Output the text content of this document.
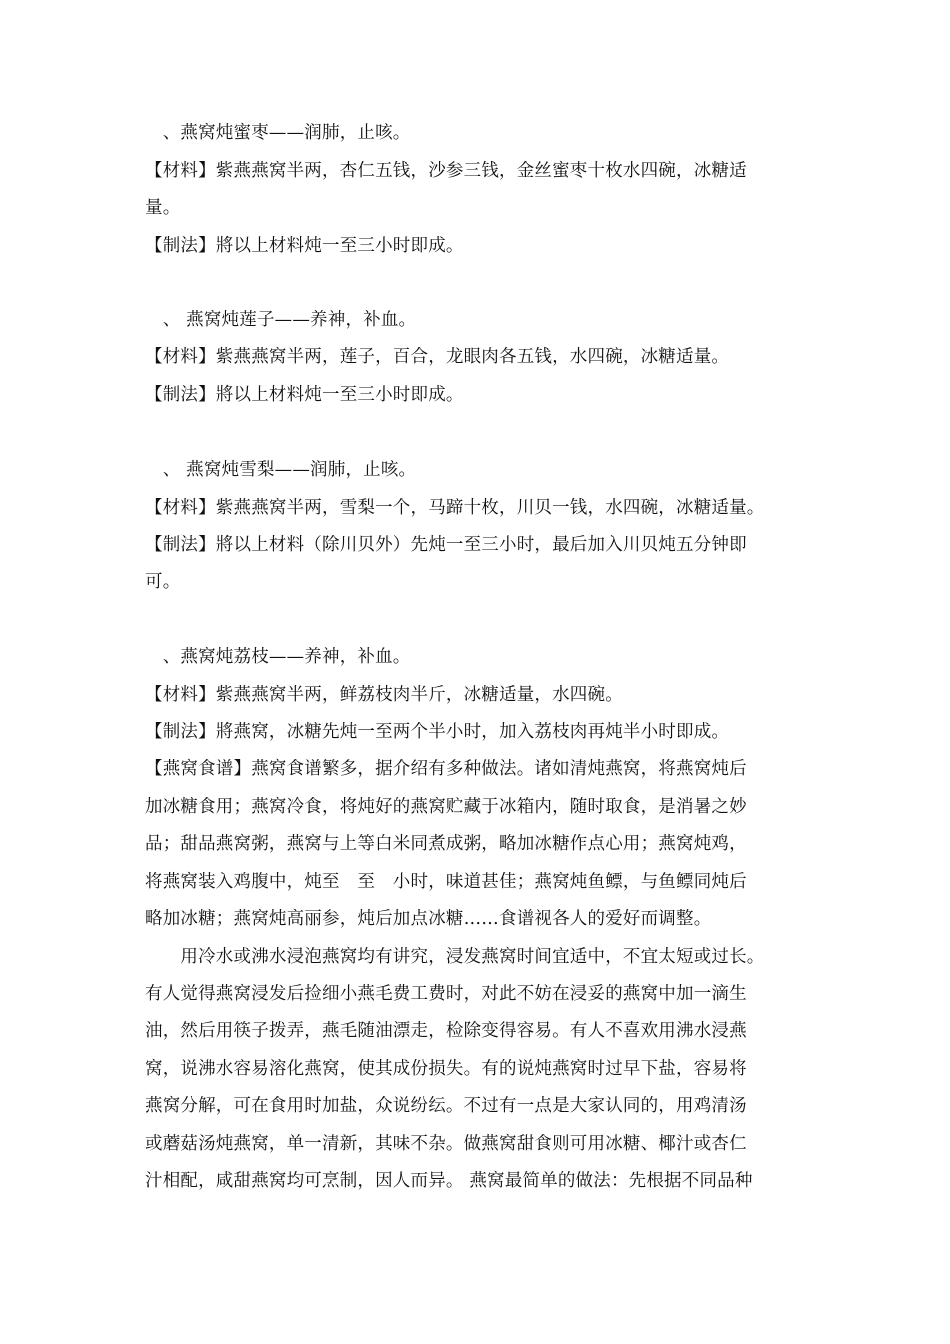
　、燕窝炖蜜枣——润肺，止咳。
【材料】紫燕燕窝半两，杏仁五钱，沙参三钱，金丝蜜枣十枚水四碗，冰糖适
量。
【制法】將以上材料炖一至三小时即成。
　、 燕窝炖莲子——养神，补血。
【材料】紫燕燕窝半两，莲子，百合，龙眼肉各五钱，水四碗，冰糖适量。
【制法】將以上材料炖一至三小时即成。
　、 燕窝炖雪梨——润肺，止咳。
【材料】紫燕燕窝半两，雪梨一个，马蹄十枚，川贝一钱，水四碗，冰糖适量。
【制法】將以上材料（除川贝外）先炖一至三小时，最后加入川贝炖五分钟即
可。
　、燕窝炖荔枝——养神，补血。
【材料】紫燕燕窝半两，鲜荔枝肉半斤，冰糖适量，水四碗。
【制法】將燕窝，冰糖先炖一至两个半小时，加入荔枝肉再炖半小时即成。
【燕窝食谱】燕窝食谱繁多，据介绍有多种做法。诸如清炖燕窝，将燕窝炖后
加冰糖食用；燕窝冷食，将炖好的燕窝贮藏于冰箱内，随时取食，是消暑之妙
品；甜品燕窝粥，燕窝与上等白米同煮成粥，略加冰糖作点心用；燕窝炖鸡，
将燕窝装入鸡腹中，炖至　至　小时，味道甚佳；燕窝炖鱼鳔，与鱼鳔同炖后
略加冰糖；燕窝炖高丽参，炖后加点冰糖……食谱视各人的爱好而调整。
　　用冷水或沸水浸泡燕窝均有讲究，浸发燕窝时间宜适中，不宜太短或过长。
有人觉得燕窝浸发后捡细小燕毛费工费时，对此不妨在浸妥的燕窝中加一滴生
油，然后用筷子拨弄，燕毛随油漂走，检除变得容易。有人不喜欢用沸水浸燕
窝，说沸水容易溶化燕窝，使其成份损失。有的说炖燕窝时过早下盐，容易将
燕窝分解，可在食用时加盐，众说纷纭。不过有一点是大家认同的，用鸡清汤
或蘑菇汤炖燕窝，单一清新，其味不杂。做燕窝甜食则可用冰糖、椰汁或杏仁
汁相配，咸甜燕窝均可烹制，因人而异。 燕窝最简单的做法：先根据不同品种
